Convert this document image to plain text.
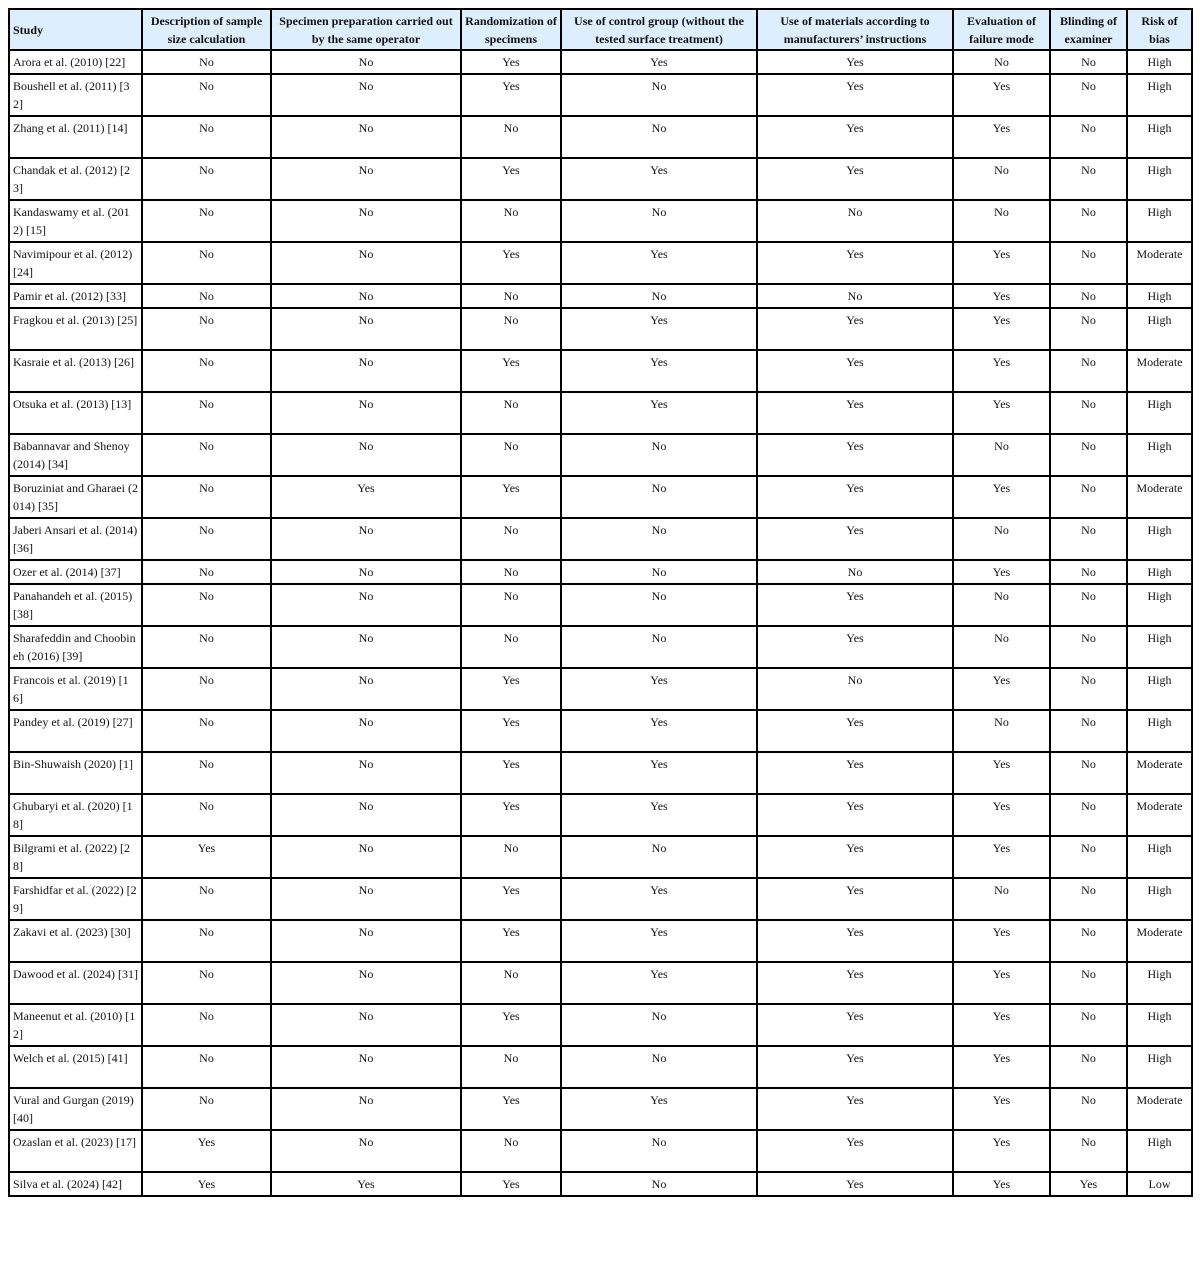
Study	Description of sample size calculation	Specimen preparation carried out by the same operator	Randomization of specimens	Use of control group (without the tested surface treatment)	Use of materials according to manufacturers’ instructions	Evaluation of failure mode	Blinding of examiner	Risk of bias
Arora et al. (2010) [22]	No	No	Yes	Yes	Yes	No	No	High
Boushell et al. (2011) [32]	No	No	Yes	No	Yes	Yes	No	High
Zhang et al. (2011) [14]	No	No	No	No	Yes	Yes	No	High
Chandak et al. (2012) [23]	No	No	Yes	Yes	Yes	No	No	High
Kandaswamy et al. (2012) [15]	No	No	No	No	No	No	No	High
Navimipour et al. (2012) [24]	No	No	Yes	Yes	Yes	Yes	No	Moderate
Pamir et al. (2012) [33]	No	No	No	No	No	Yes	No	High
Fragkou et al. (2013) [25]	No	No	No	Yes	Yes	Yes	No	High
Kasraie et al. (2013) [26]	No	No	Yes	Yes	Yes	Yes	No	Moderate
Otsuka et al. (2013) [13]	No	No	No	Yes	Yes	Yes	No	High
Babannavar and Shenoy (2014) [34]	No	No	No	No	Yes	No	No	High
Boruziniat and Gharaei (2014) [35]	No	Yes	Yes	No	Yes	Yes	No	Moderate
Jaberi Ansari et al. (2014) [36]	No	No	No	No	Yes	No	No	High
Ozer et al. (2014) [37]	No	No	No	No	No	Yes	No	High
Panahandeh et al. (2015) [38]	No	No	No	No	Yes	No	No	High
Sharafeddin and Choobineh (2016) [39]	No	No	No	No	Yes	No	No	High
Francois et al. (2019) [16]	No	No	Yes	Yes	No	Yes	No	High
Pandey et al. (2019) [27]	No	No	Yes	Yes	Yes	No	No	High
Bin-Shuwaish (2020) [1]	No	No	Yes	Yes	Yes	Yes	No	Moderate
Ghubaryi et al. (2020) [18]	No	No	Yes	Yes	Yes	Yes	No	Moderate
Bilgrami et al. (2022) [28]	Yes	No	No	No	Yes	Yes	No	High
Farshidfar et al. (2022) [29]	No	No	Yes	Yes	Yes	No	No	High
Zakavi et al. (2023) [30]	No	No	Yes	Yes	Yes	Yes	No	Moderate
Dawood et al. (2024) [31]	No	No	No	Yes	Yes	Yes	No	High
Maneenut et al. (2010) [12]	No	No	Yes	No	Yes	Yes	No	High
Welch et al. (2015) [41]	No	No	No	No	Yes	Yes	No	High
Vural and Gurgan (2019) [40]	No	No	Yes	Yes	Yes	Yes	No	Moderate
Ozaslan et al. (2023) [17]	Yes	No	No	No	Yes	Yes	No	High
Silva et al. (2024) [42]	Yes	Yes	Yes	No	Yes	Yes	Yes	Low
